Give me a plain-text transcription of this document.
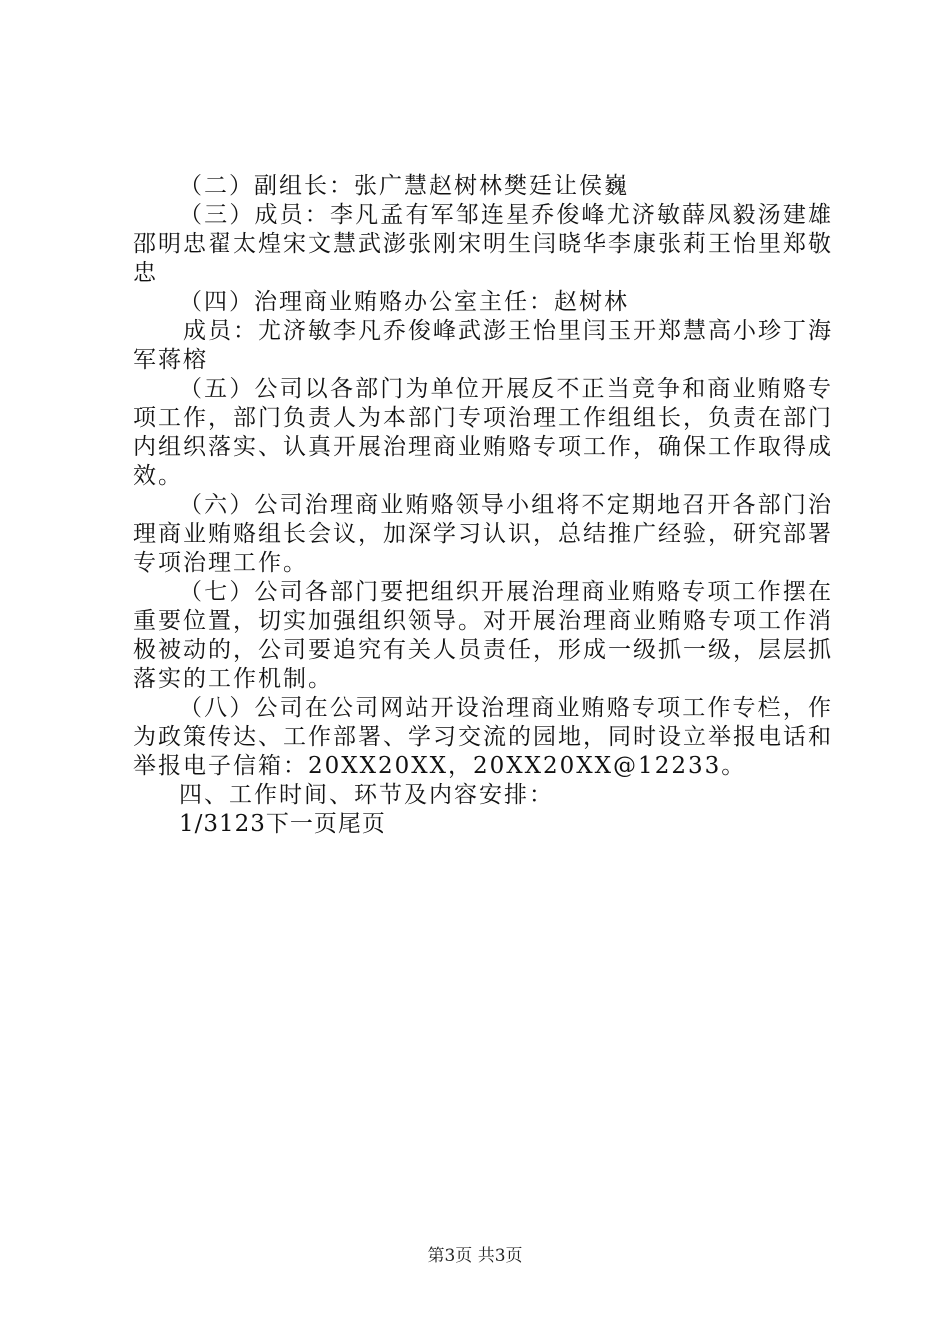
（二）副组长：张广慧赵树林樊廷让侯巍

（三）成员：李凡孟有军邹连星乔俊峰尤济敏薛凤毅汤建雄邵明忠翟太煌宋文慧武澎张刚宋明生闫晓华李康张莉王怡里郑敬忠

（四）治理商业贿赂办公室主任：赵树林

成员：尤济敏李凡乔俊峰武澎王怡里闫玉开郑慧高小珍丁海军蒋榕

（五）公司以各部门为单位开展反不正当竞争和商业贿赂专项工作，部门负责人为本部门专项治理工作组组长，负责在部门内组织落实、认真开展治理商业贿赂专项工作，确保工作取得成效。

（六）公司治理商业贿赂领导小组将不定期地召开各部门治理商业贿赂组长会议，加深学习认识，总结推广经验，研究部署专项治理工作。

（七）公司各部门要把组织开展治理商业贿赂专项工作摆在重要位置，切实加强组织领导。对开展治理商业贿赂专项工作消极被动的，公司要追究有关人员责任，形成一级抓一级，层层抓落实的工作机制。

（八）公司在公司网站开设治理商业贿赂专项工作专栏，作为政策传达、工作部署、学习交流的园地，同时设立举报电话和举报电子信箱：20XX20XX，20XX20XX@12233。

四、工作时间、环节及内容安排：

1/3123下一页尾页

第3页 共3页
